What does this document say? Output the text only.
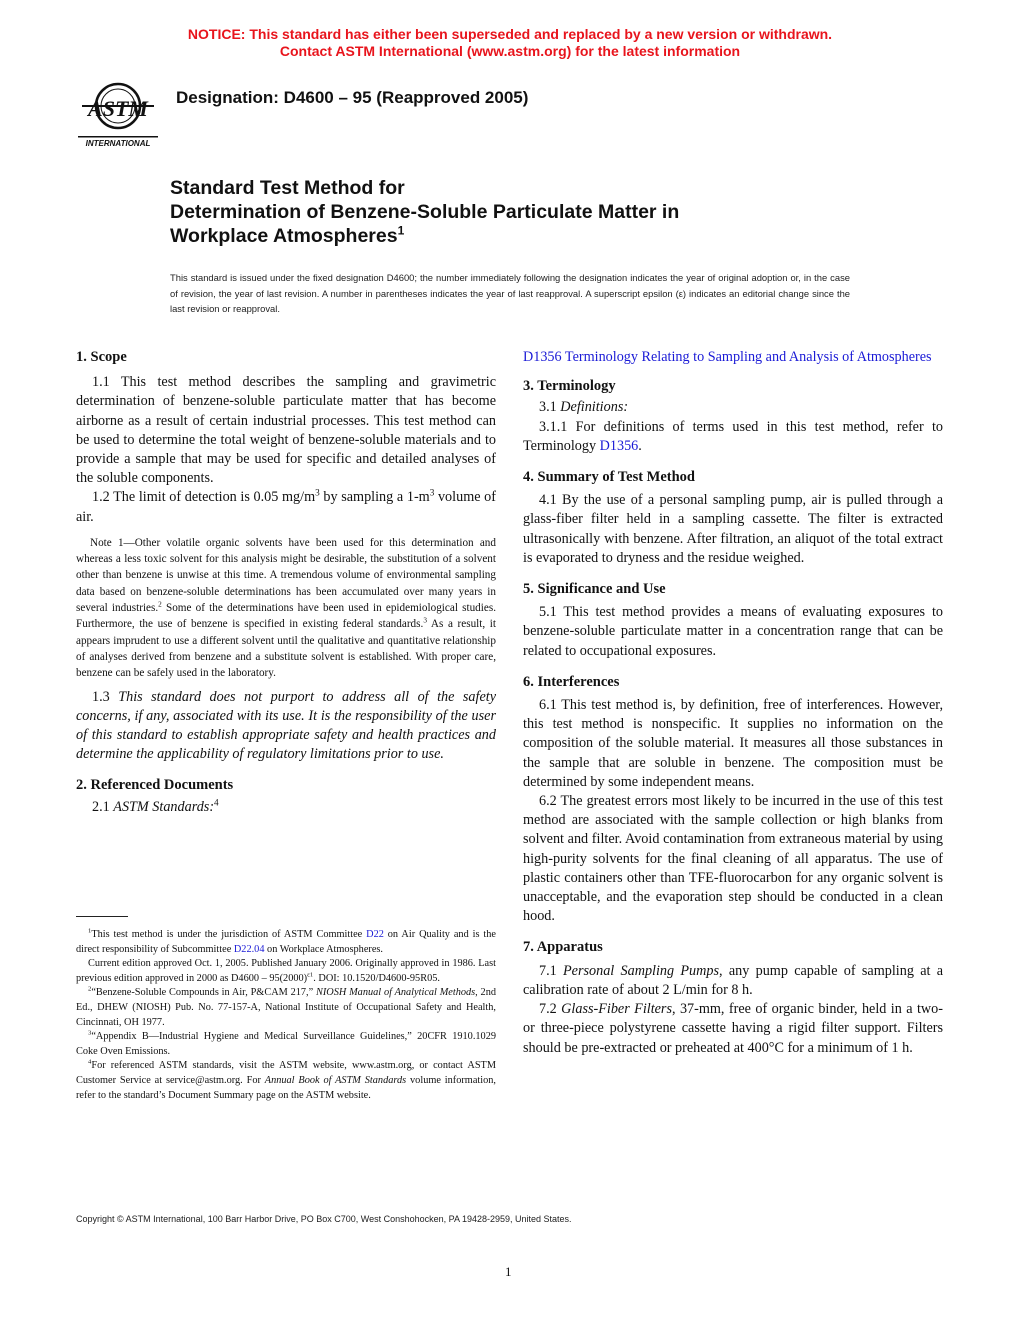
NOTICE: This standard has either been superseded and replaced by a new version or withdrawn.
Contact ASTM International (www.astm.org) for the latest information
ASTM
INTERNATIONAL
Designation: D4600 – 95 (Reapproved 2005)
Standard Test Method for
Determination of Benzene-Soluble Particulate Matter in
Workplace Atmospheres$^1$
This standard is issued under the fixed designation D4600; the number immediately following the designation indicates the year of original adoption or, in the case of revision, the year of last revision. A number in parentheses indicates the year of last reapproval. A superscript epsilon (ε) indicates an editorial change since the last revision or reapproval.

1. Scope

1.1 This test method describes the sampling and gravimetric determination of benzene-soluble particulate matter that has become airborne as a result of certain industrial processes. This test method can be used to determine the total weight of benzene-soluble materials and to provide a sample that may be used for specific and detailed analyses of the soluble components.

1.2 The limit of detection is 0.05 $mg/m^3$ by sampling a $1-m^3$ volume of air.

Note 1—Other volatile organic solvents have been used for this determination and whereas a less toxic solvent for this analysis might be desirable, the substitution of a solvent other than benzene is unwise at this time. A tremendous volume of environmental sampling data based on benzene-soluble determinations has been accumulated over many years in several industries.$^2$ Some of the determinations have been used in epidemiological studies. Furthermore, the use of benzene is specified in existing federal standards.$^3$ As a result, it appears imprudent to use a different solvent until the qualitative and quantitative relationship of analyses derived from benzene and a substitute solvent is established. With proper care, benzene can be safely used in the laboratory.

1.3 This standard does not purport to address all of the safety concerns, if any, associated with its use. It is the responsibility of the user of this standard to establish appropriate safety and health practices and determine the applicability of regulatory limitations prior to use.

2. Referenced Documents

2.1 ASTM Standards:$^4$

$^1$This test method is under the jurisdiction of ASTM Committee D22 on Air Quality and is the direct responsibility of Subcommittee D22.04 on Workplace Atmospheres.

Current edition approved Oct. 1, 2005. Published January 2006. Originally approved in 1986. Last previous edition approved in 2000 as $D4600 - 95(2000)^{\varepsilon 1}$. DOI: 10.1520/D4600-95R05.

$^2$“Benzene-Soluble Compounds in Air, P&CAM 217,” NIOSH Manual of Analytical Methods, 2nd Ed., DHEW (NIOSH) Pub. No. 77-157-A, National Institute of Occupational Safety and Health, Cincinnati, OH 1977.

$^3$“Appendix B—Industrial Hygiene and Medical Surveillance Guidelines,” 20CFR 1910.1029 Coke Oven Emissions.

$^4$For referenced ASTM standards, visit the ASTM website, www.astm.org, or contact ASTM Customer Service at service@astm.org. For Annual Book of ASTM Standards volume information, refer to the standard’s Document Summary page on the ASTM website.

D1356 Terminology Relating to Sampling and Analysis of Atmospheres

3. Terminology

3.1 Definitions:

3.1.1 For definitions of terms used in this test method, refer to Terminology D1356.

4. Summary of Test Method

4.1 By the use of a personal sampling pump, air is pulled through a glass-fiber filter held in a sampling cassette. The filter is extracted ultrasonically with benzene. After filtration, an aliquot of the total extract is evaporated to dryness and the residue weighed.

5. Significance and Use

5.1 This test method provides a means of evaluating exposures to benzene-soluble particulate matter in a concentration range that can be related to occupational exposures.

6. Interferences

6.1 This test method is, by definition, free of interferences. However, this test method is nonspecific. It supplies no information on the composition of the soluble material. It measures all those substances in the sample that are soluble in benzene. The composition must be determined by some independent means.

6.2 The greatest errors most likely to be incurred in the use of this test method are associated with the sample collection or high blanks from solvent and filter. Avoid contamination from extraneous material by using high-purity solvents for the final cleaning of all apparatus. The use of plastic containers other than TFE-fluorocarbon for any organic solvent is unacceptable, and the evaporation step should be conducted in a clean hood.

7. Apparatus

7.1 Personal Sampling Pumps, any pump capable of sampling at a calibration rate of about 2 L/min for 8 h.

7.2 Glass-Fiber Filters, 37-mm, free of organic binder, held in a two- or three-piece polystyrene cassette having a rigid filter support. Filters should be pre-extracted or preheated at 400°C for a minimum of 1 h.

Copyright © ASTM International, 100 Barr Harbor Drive, PO Box C700, West Conshohocken, PA 19428-2959, United States.
1
